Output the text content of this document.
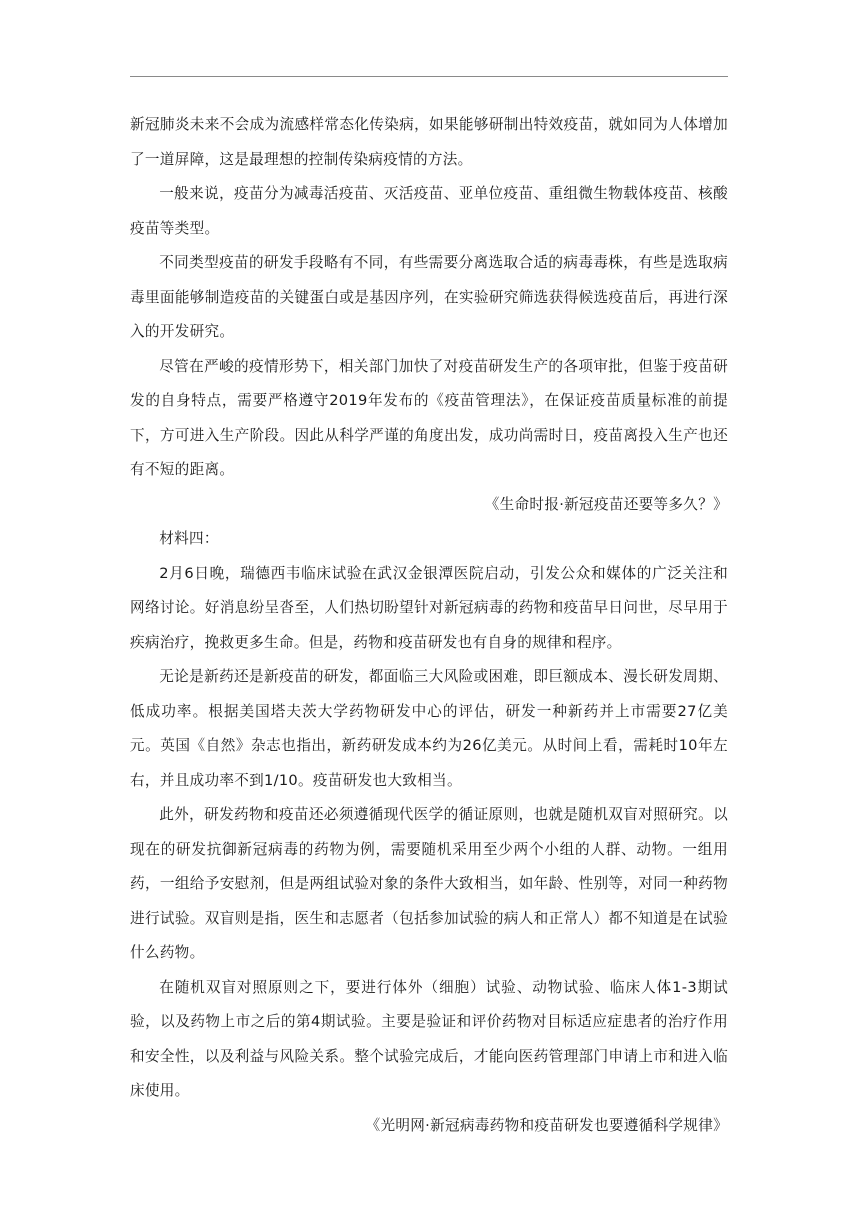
新冠肺炎未来不会成为流感样常态化传染病，如果能够研制出特效疫苗，就如同为人体增加了一道屏障，这是最理想的控制传染病疫情的方法。

一般来说，疫苗分为减毒活疫苗、灭活疫苗、亚单位疫苗、重组微生物载体疫苗、核酸疫苗等类型。

不同类型疫苗的研发手段略有不同，有些需要分离选取合适的病毒毒株，有些是选取病毒里面能够制造疫苗的关键蛋白或是基因序列，在实验研究筛选获得候选疫苗后，再进行深入的开发研究。

尽管在严峻的疫情形势下，相关部门加快了对疫苗研发生产的各项审批，但鉴于疫苗研发的自身特点，需要严格遵守2019年发布的《疫苗管理法》，在保证疫苗质量标准的前提下，方可进入生产阶段。因此从科学严谨的角度出发，成功尚需时日，疫苗离投入生产也还有不短的距离。

《生命时报·新冠疫苗还要等多久？》

材料四：

2月6日晚，瑞德西韦临床试验在武汉金银潭医院启动，引发公众和媒体的广泛关注和网络讨论。好消息纷呈沓至，人们热切盼望针对新冠病毒的药物和疫苗早日问世，尽早用于疾病治疗，挽救更多生命。但是，药物和疫苗研发也有自身的规律和程序。

无论是新药还是新疫苗的研发，都面临三大风险或困难，即巨额成本、漫长研发周期、低成功率。根据美国塔夫茨大学药物研发中心的评估，研发一种新药并上市需要27亿美元。英国《自然》杂志也指出，新药研发成本约为26亿美元。从时间上看，需耗时10年左右，并且成功率不到1/10。疫苗研发也大致相当。

此外，研发药物和疫苗还必须遵循现代医学的循证原则，也就是随机双盲对照研究。以现在的研发抗御新冠病毒的药物为例，需要随机采用至少两个小组的人群、动物。一组用药，一组给予安慰剂，但是两组试验对象的条件大致相当，如年龄、性别等，对同一种药物进行试验。双盲则是指，医生和志愿者（包括参加试验的病人和正常人）都不知道是在试验什么药物。

在随机双盲对照原则之下，要进行体外（细胞）试验、动物试验、临床人体1-3期试验，以及药物上市之后的第4期试验。主要是验证和评价药物对目标适应症患者的治疗作用和安全性，以及利益与风险关系。整个试验完成后，才能向医药管理部门申请上市和进入临床使用。

《光明网·新冠病毒药物和疫苗研发也要遵循科学规律》
